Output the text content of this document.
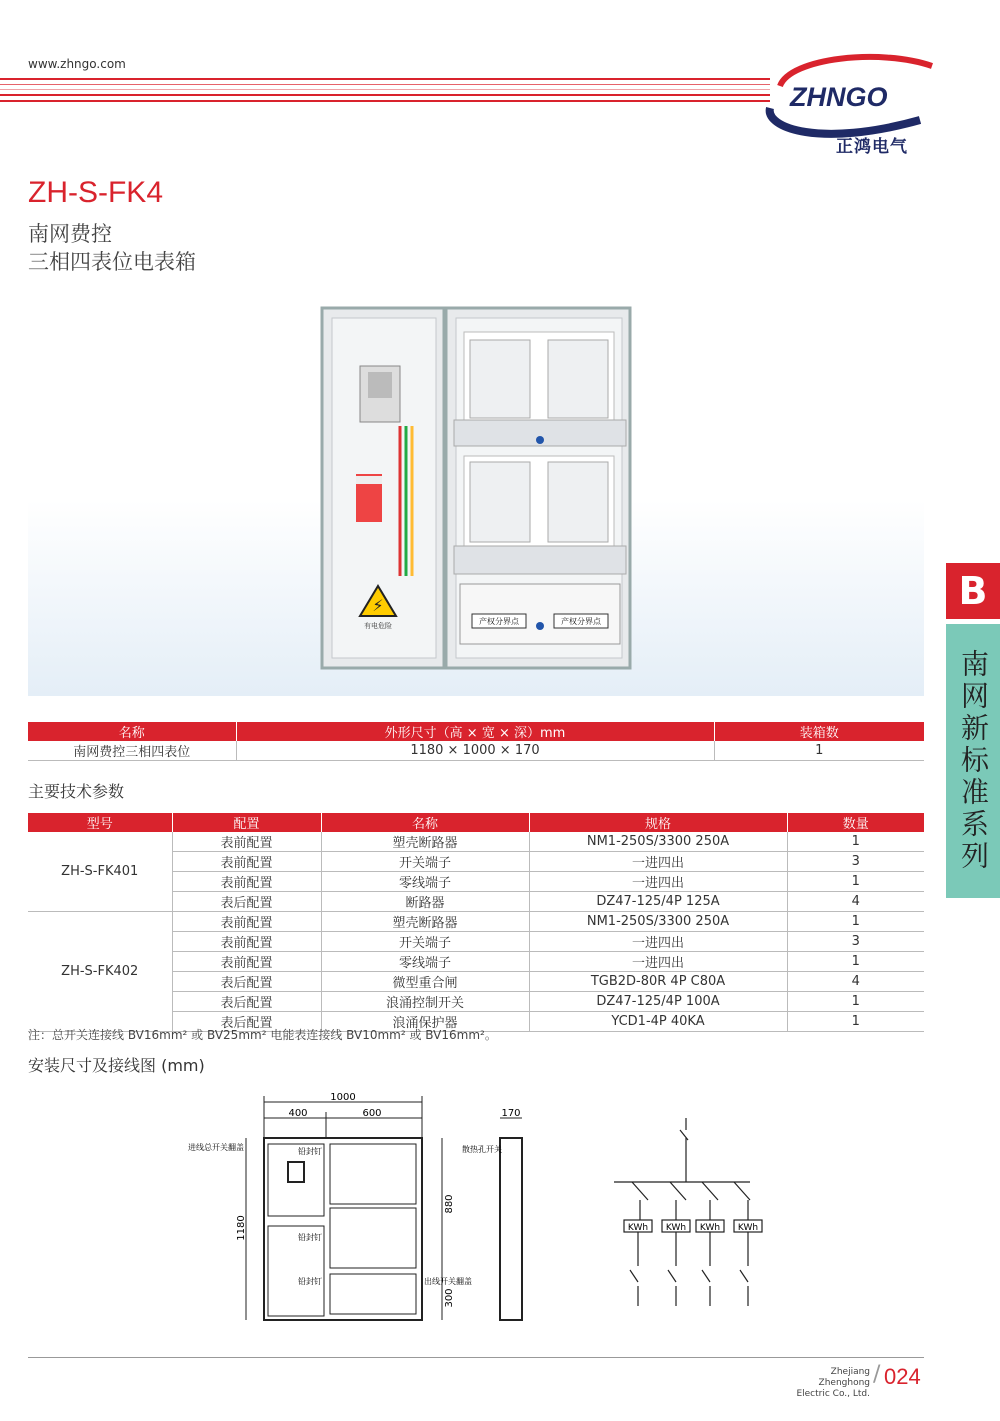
www.zhngo.com
ZHNGO
正鸿电气
ZH-S-FK4
南网费控
三相四表位电表箱
⚡
有电危险	产权分界点	产权分界点
B
南网新标准系列
名称	外形尺寸（高 × 宽 × 深）mm	装箱数
南网费控三相四表位	1180 × 1000 × 170	1
主要技术参数
型号	配置	名称	规格	数量
ZH-S-FK401	表前配置	塑壳断路器	NM1-250S/3300 250A	1
	表前配置	开关端子	一进四出	3
	表前配置	零线端子	一进四出	1
	表后配置	断路器	DZ47-125/4P 125A	4
ZH-S-FK402	表前配置	塑壳断路器	NM1-250S/3300 250A	1
	表前配置	开关端子	一进四出	3
	表前配置	零线端子	一进四出	1
	表后配置	微型重合闸	TGB2D-80R 4P C80A	4
	表后配置	浪涌控制开关	DZ47-125/4P 100A	1
	表后配置	浪涌保护器	YCD1-4P 40KA	1
注：总开关连接线 BV16mm² 或 BV25mm² 电能表连接线 BV10mm² 或 BV16mm²。
安装尺寸及接线图 (mm)
1000
400	600	170
1180
880
300
进线总开关翻盖	铅封钉
铅封钉
铅封钉
散热孔开关
出线开关翻盖
KWh KWh KWh KWh
Zhejiang Zhenghong
Electric Co., Ltd.
/ 024
